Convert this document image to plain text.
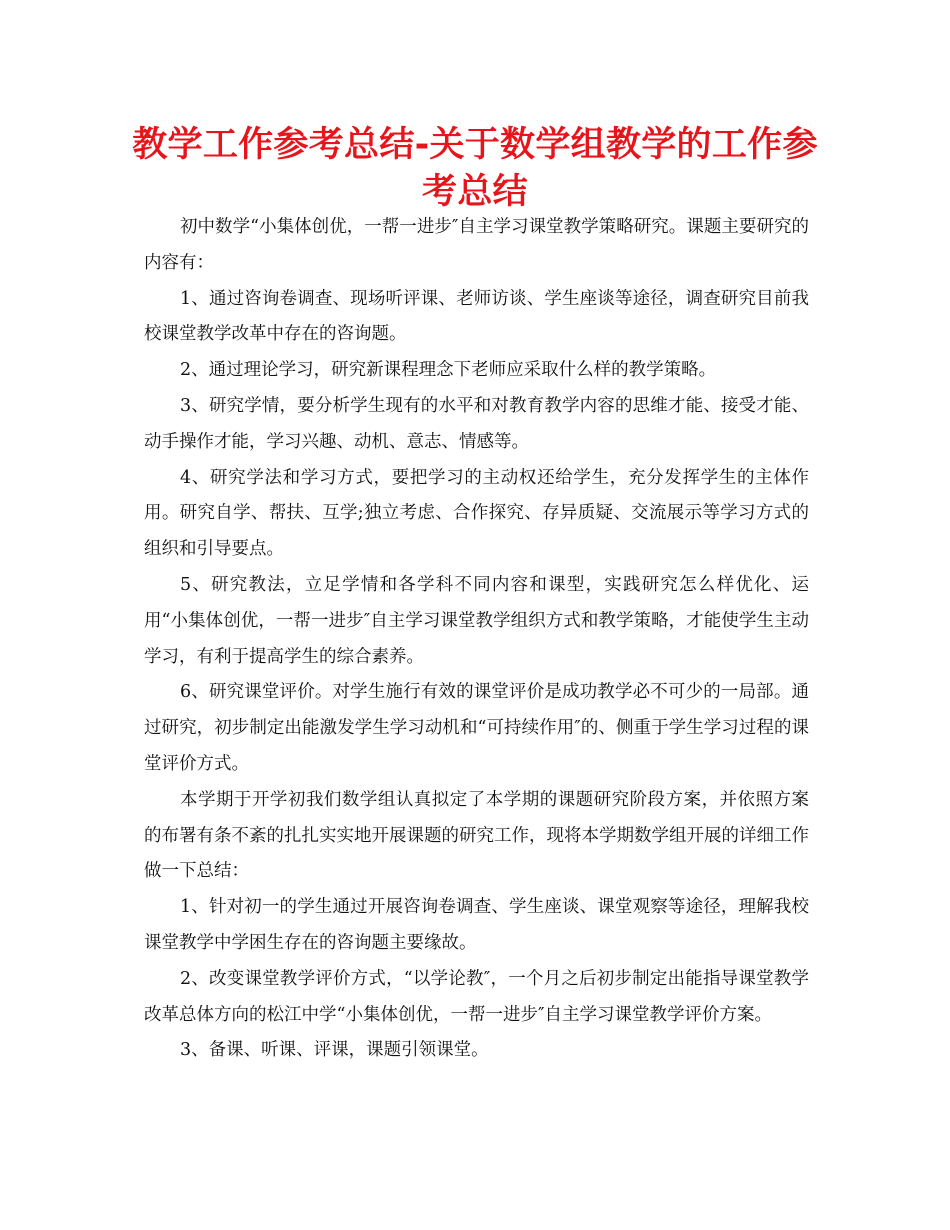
教学工作参考总结-关于数学组教学的工作参考总结

初中数学“小集体创优，一帮一进步″自主学习课堂教学策略研究。课题主要研究的内容有：

1、通过咨询卷调查、现场听评课、老师访谈、学生座谈等途径，调查研究目前我校课堂教学改革中存在的咨询题。

2、通过理论学习，研究新课程理念下老师应采取什么样的教学策略。

3、研究学情，要分析学生现有的水平和对教育教学内容的思维才能、接受才能、动手操作才能，学习兴趣、动机、意志、情感等。

4、研究学法和学习方式，要把学习的主动权还给学生，充分发挥学生的主体作用。研究自学、帮扶、互学;独立考虑、合作探究、存异质疑、交流展示等学习方式的组织和引导要点。

5、研究教法，立足学情和各学科不同内容和课型，实践研究怎么样优化、运用“小集体创优，一帮一进步″自主学习课堂教学组织方式和教学策略，才能使学生主动学习，有利于提高学生的综合素养。

6、研究课堂评价。对学生施行有效的课堂评价是成功教学必不可少的一局部。通过研究，初步制定出能激发学生学习动机和“可持续作用″的、侧重于学生学习过程的课堂评价方式。

本学期于开学初我们数学组认真拟定了本学期的课题研究阶段方案，并依照方案的布署有条不紊的扎扎实实地开展课题的研究工作，现将本学期数学组开展的详细工作做一下总结：

1、针对初一的学生通过开展咨询卷调查、学生座谈、课堂观察等途径，理解我校课堂教学中学困生存在的咨询题主要缘故。

2、改变课堂教学评价方式，“以学论教″，一个月之后初步制定出能指导课堂教学改革总体方向的松江中学“小集体创优，一帮一进步″自主学习课堂教学评价方案。

3、备课、听课、评课，课题引领课堂。
